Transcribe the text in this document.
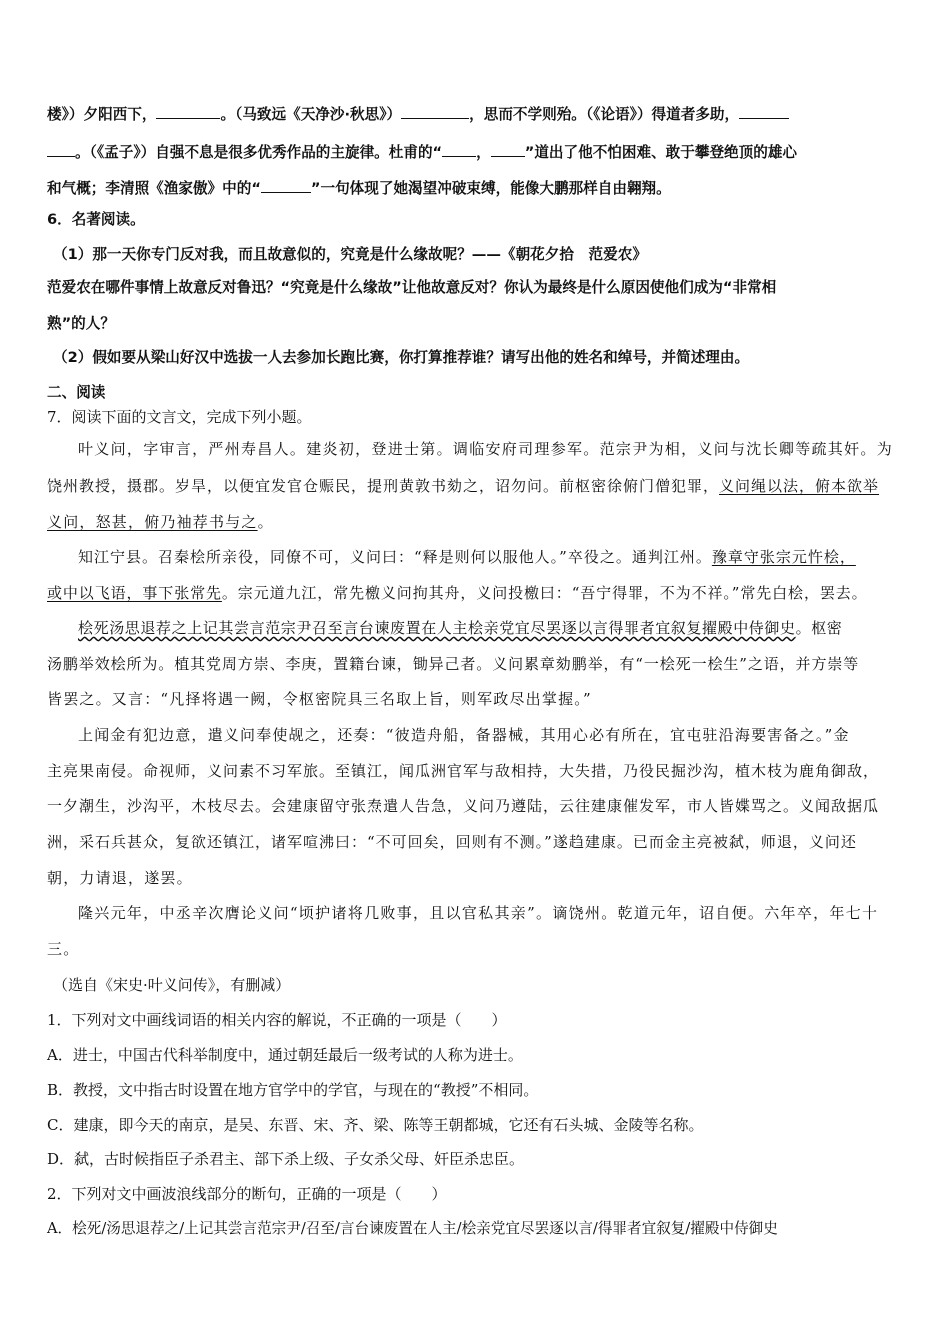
楼》）夕阳西下，	。（马致远《天净沙·秋思》）	，思而不学则殆。（《论语》）得道者多助，
。（《孟子》）自强不息是很多优秀作品的主旋律。杜甫的“ ， ”道出了他不怕困难、敢于攀登绝顶的雄心
和气概；李清照《渔家傲》中的“	”一句体现了她渴望冲破束缚，能像大鹏那样自由翱翔。
6．名著阅读。
（1）那一天你专门反对我，而且故意似的，究竟是什么缘故呢？——《朝花夕拾　范爱农》
范爱农在哪件事情上故意反对鲁迅？“究竟是什么缘故”让他故意反对？你认为最终是什么原因使他们成为“非常相
熟”的人？
（2）假如要从梁山好汉中选拔一人去参加长跑比赛，你打算推荐谁？请写出他的姓名和绰号，并简述理由。
二、阅读
7．阅读下面的文言文，完成下列小题。
叶义问，字审言，严州寿昌人。建炎初，登进士第。调临安府司理参军。范宗尹为相，义问与沈长卿等疏其奸。为
饶州教授，摄郡。岁旱，以便宜发官仓赈民，提刑黄敦书劾之，诏勿问。前枢密徐俯门僧犯罪，义问绳以法，俯本欲举
义问，怒甚，俯乃袖荐书与之。
知江宁县。召秦桧所亲役，同僚不可，义问曰：“释是则何以服他人。”卒役之。通判江州。豫章守张宗元忤桧，
或中以飞语，事下张常先。宗元道九江，常先檄义问拘其舟，义问投檄曰：“吾宁得罪，不为不祥。”常先白桧，罢去。
桧死汤思退荐之上记其尝言范宗尹召至言台谏废置在人主桧亲党宜尽罢逐以言得罪者宜叙复擢殿中侍御史。枢密
汤鹏举效桧所为。植其党周方崇、李庚，置籍台谏，锄异己者。义问累章劾鹏举，有“一桧死一桧生”之语，并方崇等
皆罢之。又言：“凡择将遇一阙，令枢密院具三名取上旨，则军政尽出掌握。”
上闻金有犯边意，遣义问奉使觇之，还奏：“彼造舟船，备器械，其用心必有所在，宜屯驻沿海要害备之。”金
主亮果南侵。命视师，义问素不习军旅。至镇江，闻瓜洲官军与敌相持，大失措，乃役民掘沙沟，植木枝为鹿角御敌，
一夕潮生，沙沟平，木枝尽去。会建康留守张焘遣人告急，义问乃遵陆，云往建康催发军，市人皆媟骂之。义闻敌据瓜
洲，采石兵甚众，复欲还镇江，诸军喧沸曰：“不可回矣，回则有不测。”遂趋建康。已而金主亮被弑，师退，义问还
朝，力请退，遂罢。
隆兴元年，中丞辛次膺论义问“顷护诸将几败事，且以官私其亲”。谪饶州。乾道元年，诏自便。六年卒，年七十
三。
（选自《宋史·叶义问传》，有删减）
1．下列对文中画线词语的相关内容的解说，不正确的一项是（　　）
A．进士，中国古代科举制度中，通过朝廷最后一级考试的人称为进士。
B．教授，文中指古时设置在地方官学中的学官，与现在的“教授”不相同。
C．建康，即今天的南京，是吴、东晋、宋、齐、梁、陈等王朝都城，它还有石头城、金陵等名称。
D．弑，古时候指臣子杀君主、部下杀上级、子女杀父母、奸臣杀忠臣。
2．下列对文中画波浪线部分的断句，正确的一项是（　　）
A．桧死/汤思退荐之/上记其尝言范宗尹/召至/言台谏废置在人主/桧亲党宜尽罢逐以言/得罪者宜叙复/擢殿中侍御史
